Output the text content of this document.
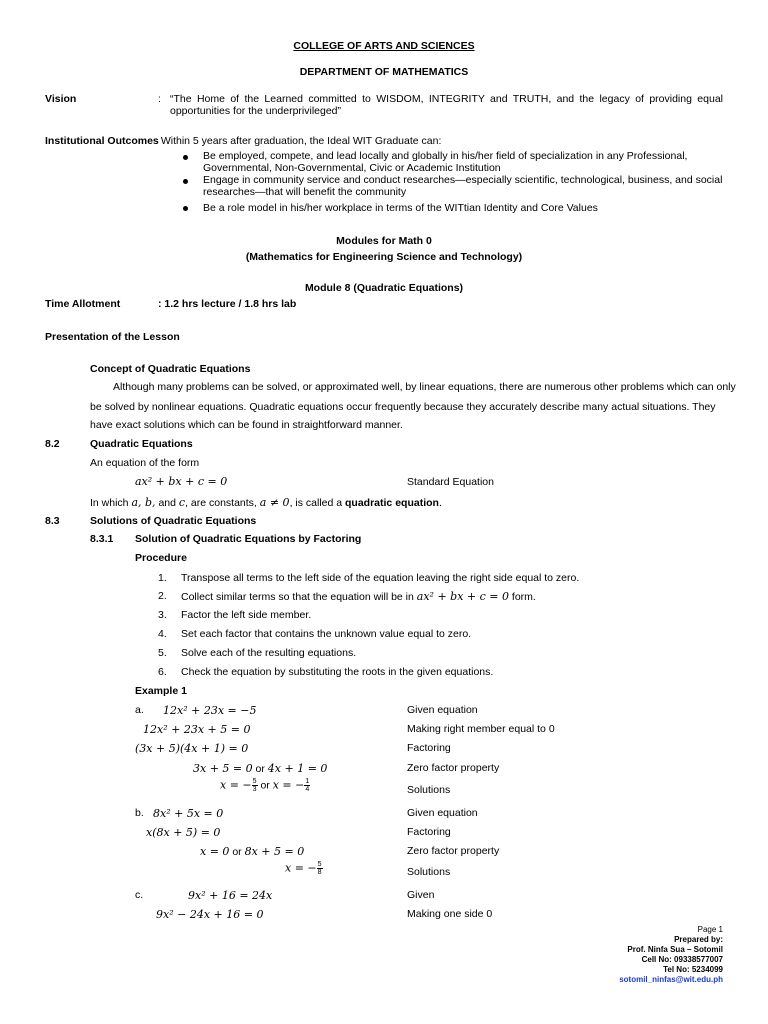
COLLEGE OF ARTS AND SCIENCES
DEPARTMENT OF MATHEMATICS
Vision	: “The Home of the Learned committed to WISDOM, INTEGRITY and TRUTH, and the legacy of providing equal opportunities for the underprivileged”
Institutional Outcomes
: Within 5 years after graduation, the Ideal WIT Graduate can:
Be employed, compete, and lead locally and globally in his/her field of specialization in any Professional, Governmental, Non-Governmental, Civic or Academic Institution
Engage in community service and conduct researches—especially scientific, technological, business, and social researches—that will benefit the community
Be a role model in his/her workplace in terms of the WITtian Identity and Core Values
Modules for Math 0
(Mathematics for Engineering Science and Technology)
Module 8 (Quadratic Equations)
Time Allotment	: 1.2 hrs lecture / 1.8 hrs lab
Presentation of the Lesson
Concept of Quadratic Equations
Although many problems can be solved, or approximated well, by linear equations, there are numerous other problems which can only
be solved by nonlinear equations. Quadratic equations occur frequently because they accurately describe many actual situations. They
have exact solutions which can be found in straightforward manner.
8.2	Quadratic Equations
An equation of the form
ax² + bx + c = 0	Standard Equation
In which a, b, and c, are constants, a ≠ 0, is called a quadratic equation.
8.3	Solutions of Quadratic Equations
8.3.1 Solution of Quadratic Equations by Factoring
Procedure
1. Transpose all terms to the left side of the equation leaving the right side equal to zero.
2. Collect similar terms so that the equation will be in ax² + bx + c = 0 form.
3. Factor the left side member.
4. Set each factor that contains the unknown value equal to zero.
5. Solve each of the resulting equations.
6. Check the equation by substituting the roots in the given equations.
Example 1
a. 12x² + 23x = −5	Given equation
12x² + 23x + 5 = 0	Making right member equal to 0
(3x + 5)(4x + 1) = 0	Factoring
3x + 5 = 0 or 4x + 1 = 0	Zero factor property
x = − $\frac{5}{3}$ or x = − $\frac{1}{4}$	Solutions
b. 8x² + 5x = 0	Given equation
x(8x + 5) = 0	Factoring
x = 0 or 8x + 5 = 0	Zero factor property
x = − $\frac{5}{8}$	Solutions
c.	9x² + 16 = 24x	Given
9x² − 24x + 16 = 0	Making one side 0
Page 1
Prepared by:
Prof. Ninfa Sua – Sotomil
Cell No: 09338577007
Tel No: 5234099
sotomil_ninfas@wit.edu.ph
